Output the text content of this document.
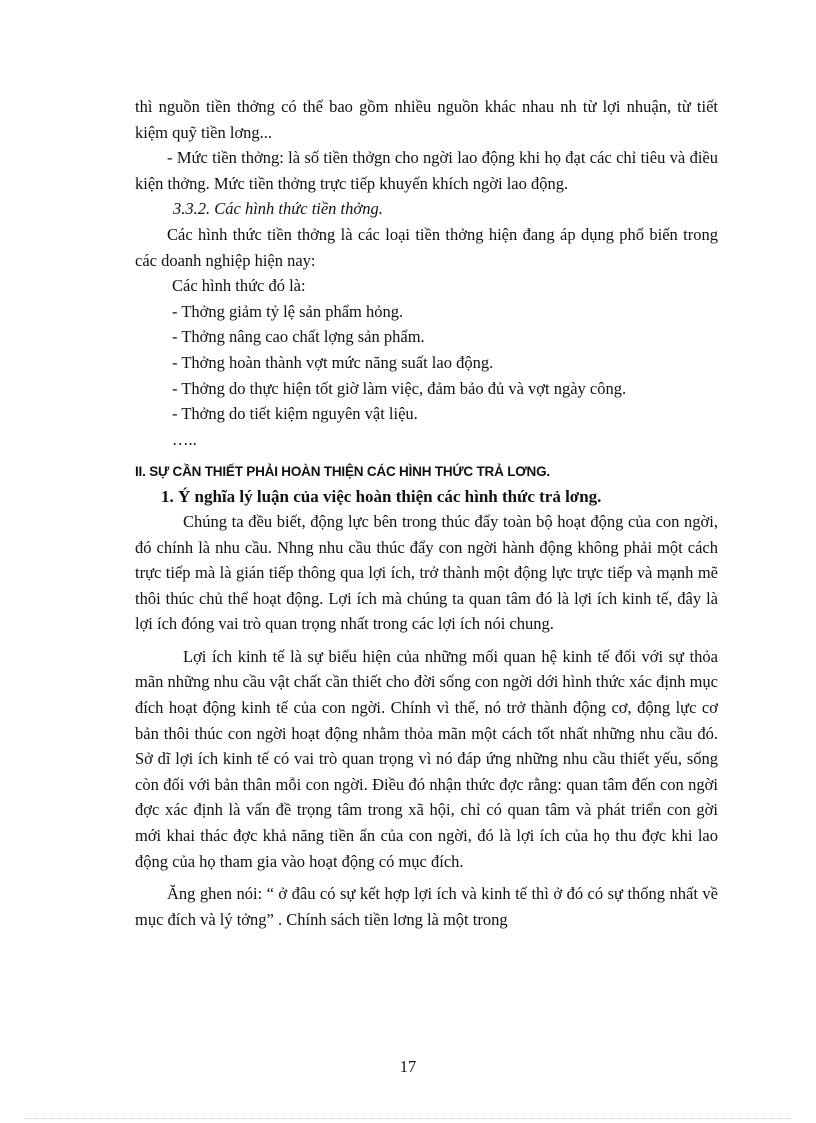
thì nguồn tiền thởng có thể bao gồm nhiều nguồn khác nhau nh từ lợi nhuận, từ tiết kiệm quỹ tiền lơng...

- Mức tiền thởng: là số tiền thởgn cho ngời lao động khi họ đạt các chỉ tiêu và điều kiện thởng. Mức tiền thởng trực tiếp khuyến khích ngời lao động.

3.3.2. Các hình thức tiền thởng.

Các hình thức tiền thởng là các loại tiền thởng hiện đang áp dụng phổ biến trong các doanh nghiệp hiện nay:

Các hình thức đó là:

- Thởng giảm tỷ lệ sản phẩm hỏng.

- Thởng nâng cao chất lợng sản phẩm.

- Thởng hoàn thành vợt mức năng suất lao động.

- Thởng do thực hiện tốt giờ làm việc, đảm bảo đủ và vợt ngày công.

- Thởng do tiết kiệm nguyên vật liệu.

…..

II. SỰ CẦN THIẾT PHẢI HOÀN THIỆN CÁC HÌNH THỨC TRẢ LƠNG.

1. Ý nghĩa lý luận của việc hoàn thiện các hình thức trả lơng.

Chúng ta đều biết, động lực bên trong thúc đẩy toàn bộ hoạt động của con ngời, đó chính là nhu cầu. Nhng nhu cầu thúc đẩy con ngời hành động không phải một cách trực tiếp mà là gián tiếp thông qua lợi ích, trở thành một động lực trực tiếp và mạnh mẽ thôi thúc chủ thể hoạt động. Lợi ích mà chúng ta quan tâm đó là lợi ích kinh tế, đây là lợi ích đóng vai trò quan trọng nhất trong các lợi ích nói chung.

Lợi ích kinh tế là sự biểu hiện của những mối quan hệ kinh tế đối với sự thỏa mãn những nhu cầu vật chất cần thiết cho đời sống con ngời dới hình thức xác định mục đích hoạt động kinh tế của con ngời. Chính vì thế, nó trở thành động cơ, động lực cơ bản thôi thúc con ngời hoạt động nhằm thỏa mãn một cách tốt nhất những nhu cầu đó. Sở dĩ lợi ích kinh tế có vai trò quan trọng vì nó đáp ứng những nhu cầu thiết yếu, sống còn đối với bản thân mỗi con ngời. Điều đó nhận thức đợc rằng: quan tâm đến con ngời đợc xác định là vấn đề trọng tâm trong xã hội, chỉ có quan tâm và phát triển con gời mới khai thác đợc khả năng tiền ẩn của con ngời, đó là lợi ích của họ thu đợc khi lao động của họ tham gia vào hoạt động có mục đích.

Ăng ghen nói: “ ở đâu có sự kết hợp lợi ích và kinh tế thì ở đó có sự thống nhất về mục đích và lý tởng” . Chính sách tiền lơng là một trong

17
